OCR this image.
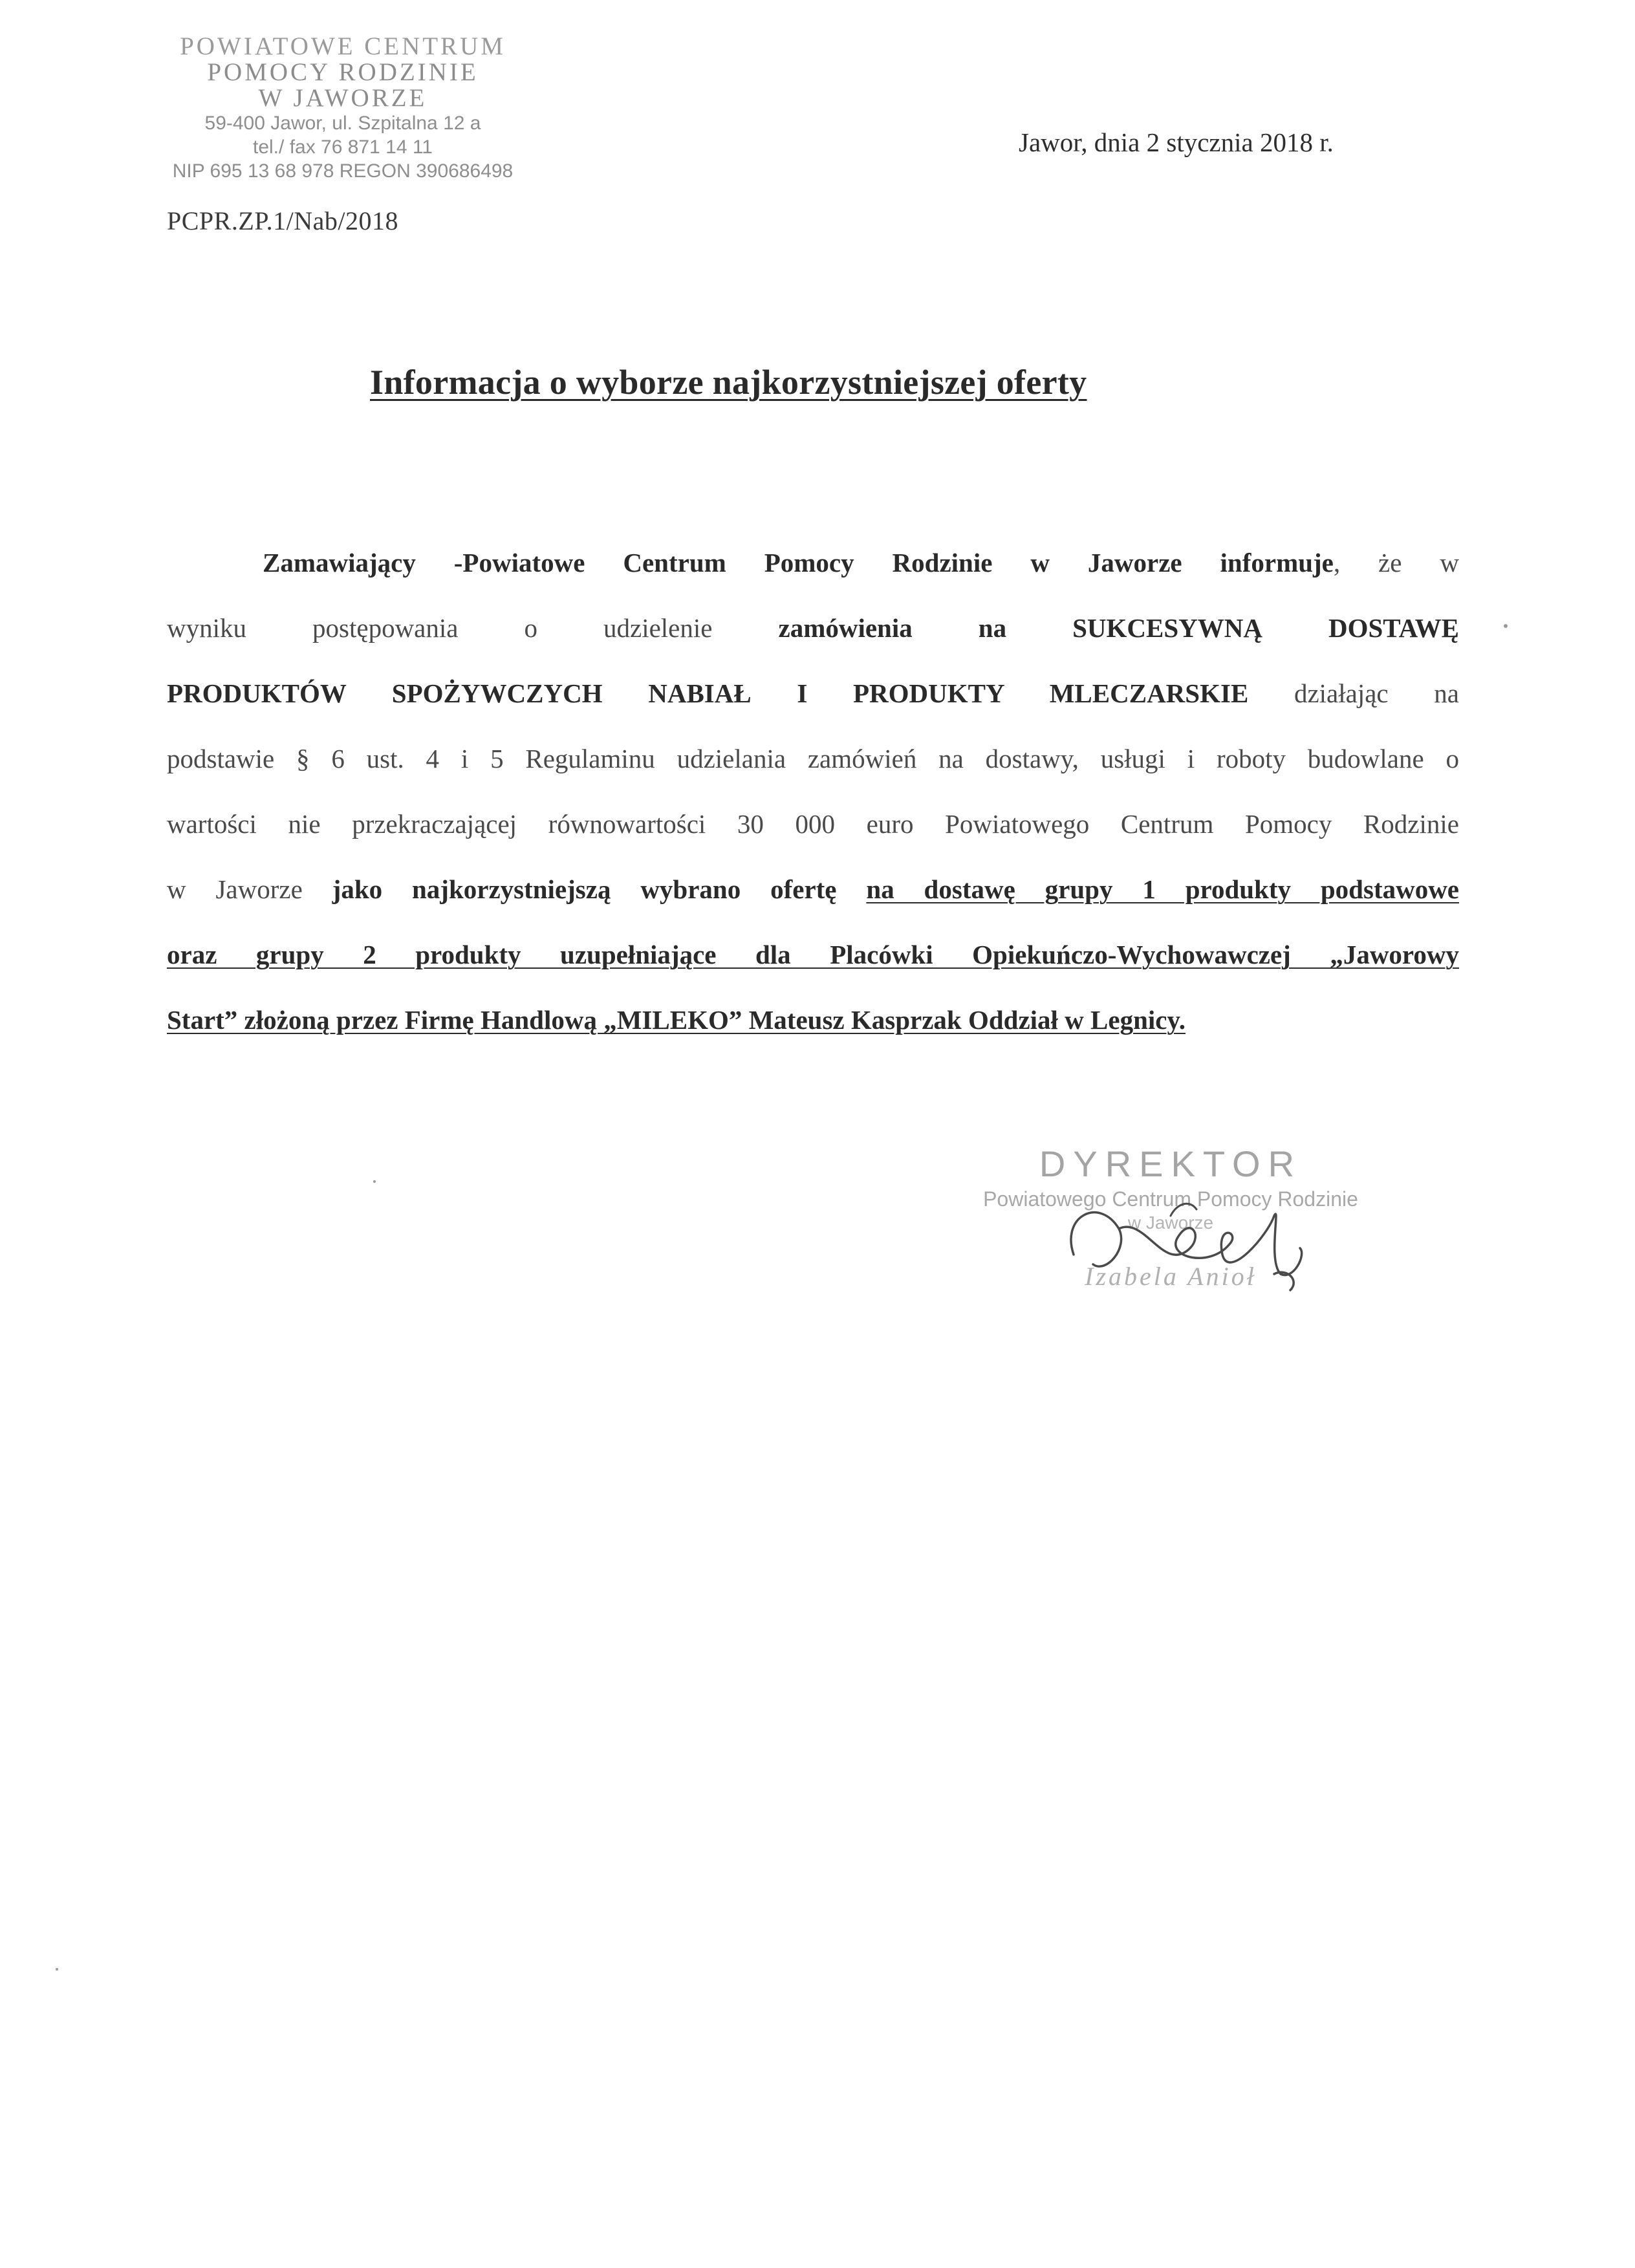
POWIATOWE CENTRUM
POMOCY RODZINIE
W JAWORZE
59-400 Jawor, ul. Szpitalna 12 a
tel./ fax 76 871 14 11
NIP 695 13 68 978 REGON 390686498
PCPR.ZP.1/Nab/2018
Jawor, dnia 2 stycznia 2018 r.
Informacja o wyborze najkorzystniejszej oferty
Zamawiający -Powiatowe Centrum Pomocy Rodzinie w Jaworze informuje, że w
wyniku postępowania o udzielenie zamówienia na SUKCESYWNĄ DOSTAWĘ
PRODUKTÓW SPOŻYWCZYCH NABIAŁ I PRODUKTY MLECZARSKIE działając na
podstawie § 6 ust. 4 i 5 Regulaminu udzielania zamówień na dostawy, usługi i roboty budowlane o
wartości nie przekraczającej równowartości 30 000 euro Powiatowego Centrum Pomocy Rodzinie
w Jaworze jako najkorzystniejszą wybrano ofertę na dostawę grupy 1 produkty podstawowe
oraz grupy 2 produkty uzupełniające dla Placówki Opiekuńczo-Wychowawczej „Jaworowy
Start” złożoną przez Firmę Handlową „MILEKO” Mateusz Kasprzak Oddział w Legnicy.
DYREKTOR
Powiatowego Centrum Pomocy Rodzinie
w Jaworze
Izabela Anioł
